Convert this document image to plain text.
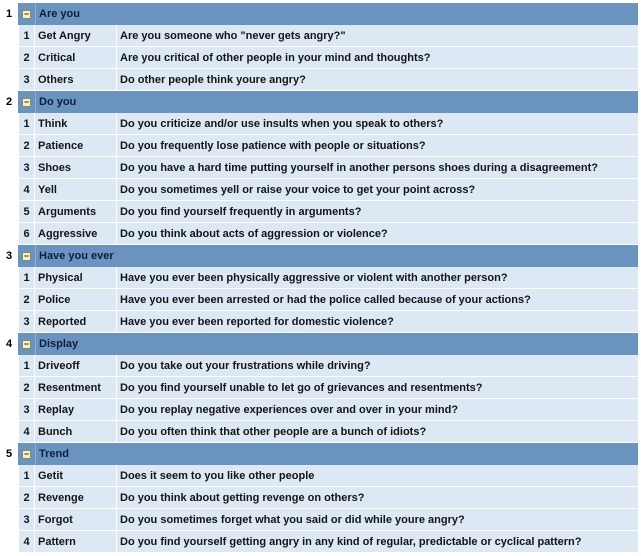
1	− Are you
1 Get Angry	Are you someone who "never gets angry?"
2 Critical	Are you critical of other people in your mind and thoughts?
3 Others	Do other people think youre angry?
2	− Do you
1 Think	Do you criticize and/or use insults when you speak to others?
2 Patience	Do you frequently lose patience with people or situations?
3 Shoes	Do you have a hard time putting yourself in another persons shoes during a disagreement?
4 Yell	Do you sometimes yell or raise your voice to get your point across?
5 Arguments	Do you find yourself frequently in arguments?
6 Aggressive	Do you think about acts of aggression or violence?
3	− Have you ever
1 Physical	Have you ever been physically aggressive or violent with another person?
2 Police	Have you ever been arrested or had the police called because of your actions?
3 Reported	Have you ever been reported for domestic violence?
4	− Display
1 Driveoff	Do you take out your frustrations while driving?
2 Resentment	Do you find yourself unable to let go of grievances and resentments?
3 Replay	Do you replay negative experiences over and over in your mind?
4 Bunch	Do you often think that other people are a bunch of idiots?
5	− Trend
1 Getit	Does it seem to you like other people
2 Revenge	Do you think about getting revenge on others?
3 Forgot	Do you sometimes forget what you said or did while youre angry?
4 Pattern	Do you find yourself getting angry in any kind of regular, predictable or cyclical pattern?
